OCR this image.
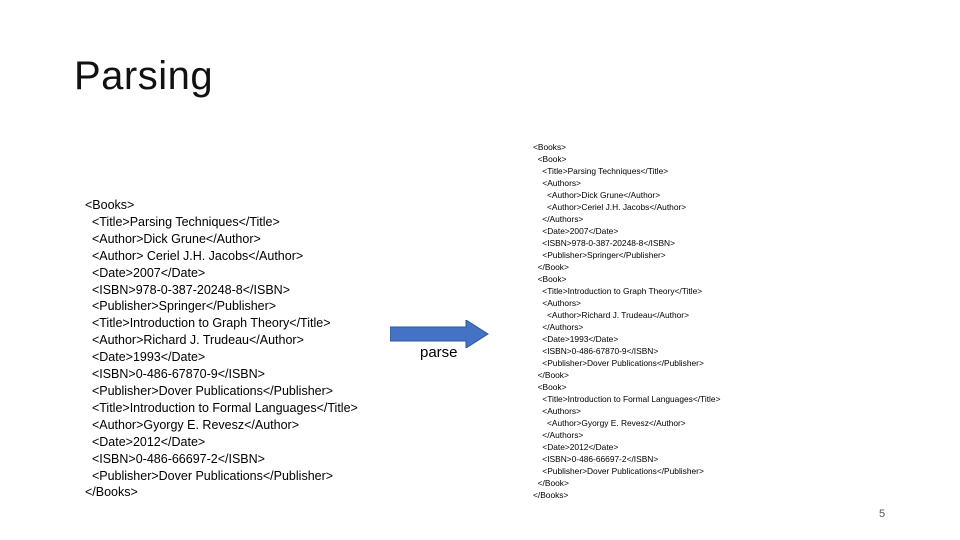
Parsing
<Books>
<Title>Parsing Techniques</Title>
<Author>Dick Grune</Author>
<Author> Ceriel J.H. Jacobs</Author>
<Date>2007</Date>
<ISBN>978-0-387-20248-8</ISBN>
<Publisher>Springer</Publisher>
<Title>Introduction to Graph Theory</Title>
<Author>Richard J. Trudeau</Author>
<Date>1993</Date>
<ISBN>0-486-67870-9</ISBN>
<Publisher>Dover Publications</Publisher>
<Title>Introduction to Formal Languages</Title>
<Author>Gyorgy E. Revesz</Author>
<Date>2012</Date>
<ISBN>0-486-66697-2</ISBN>
<Publisher>Dover Publications</Publisher>
</Books>
parse
<Books>
<Book>
<Title>Parsing Techniques</Title>
<Authors>
<Author>Dick Grune</Author>
<Author>Ceriel J.H. Jacobs</Author>
</Authors>
<Date>2007</Date>
<ISBN>978-0-387-20248-8</ISBN>
<Publisher>Springer</Publisher>
</Book>
<Book>
<Title>Introduction to Graph Theory</Title>
<Authors>
<Author>Richard J. Trudeau</Author>
</Authors>
<Date>1993</Date>
<ISBN>0-486-67870-9</ISBN>
<Publisher>Dover Publications</Publisher>
</Book>
<Book>
<Title>Introduction to Formal Languages</Title>
<Authors>
<Author>Gyorgy E. Revesz</Author>
</Authors>
<Date>2012</Date>
<ISBN>0-486-66697-2</ISBN>
<Publisher>Dover Publications</Publisher>
</Book>
</Books>
5
